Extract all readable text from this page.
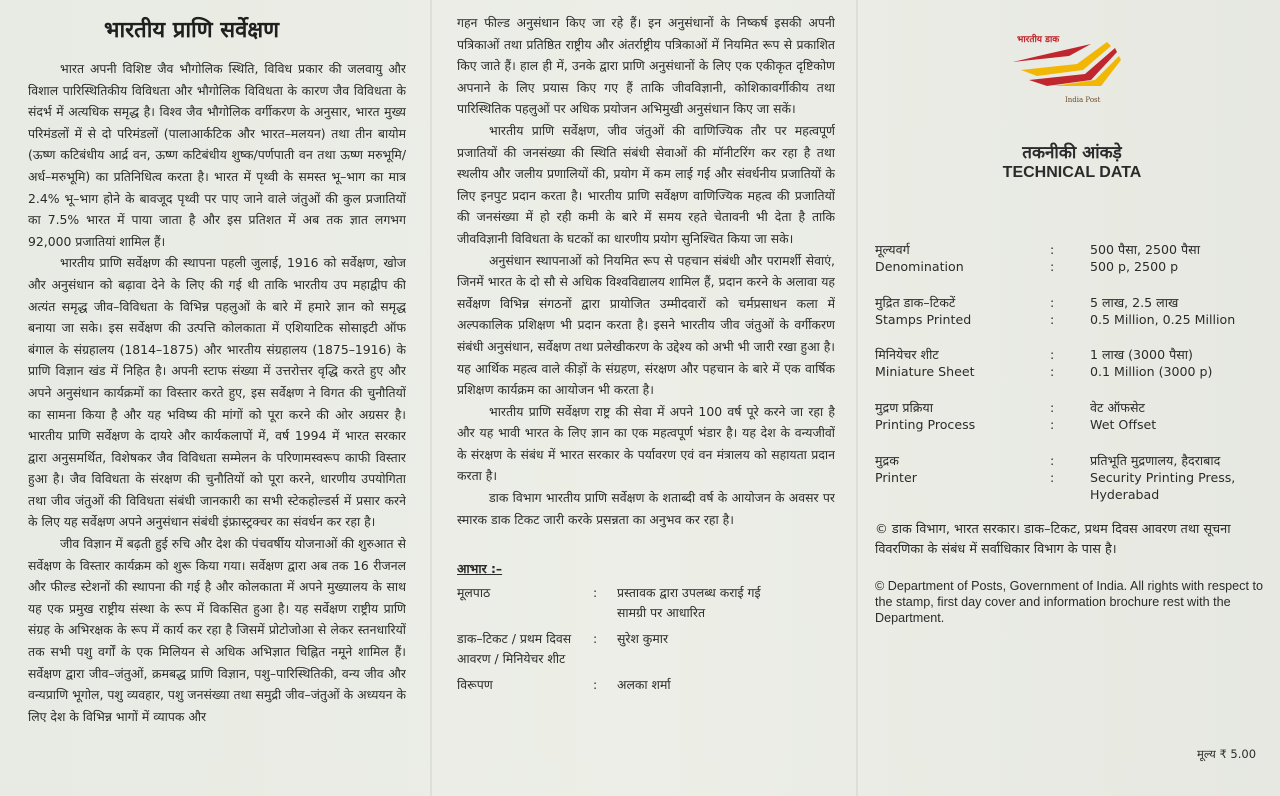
भारतीय प्राणि सर्वेक्षण

भारत अपनी विशिष्ट जैव भौगोलिक स्थिति, विविध प्रकार की जलवायु और विशाल पारिस्थितिकीय विविधता और भौगोलिक विविधता के कारण जैव विविधता के संदर्भ में अत्यधिक समृद्ध है। विश्व जैव भौगोलिक वर्गीकरण के अनुसार, भारत मुख्य परिमंडलों में से दो परिमंडलों (पालाआर्कटिक और भारत–मलयन) तथा तीन बायोम (ऊष्ण कटिबंधीय आर्द्र वन, ऊष्ण कटिबंधीय शुष्क/पर्णपाती वन तथा ऊष्ण मरुभूमि/अर्ध–मरुभूमि) का प्रतिनिधित्व करता है। भारत में पृथ्वी के समस्त भू–भाग का मात्र 2.4% भू–भाग होने के बावजूद पृथ्वी पर पाए जाने वाले जंतुओं की कुल प्रजातियों का 7.5% भारत में पाया जाता है और इस प्रतिशत में अब तक ज्ञात लगभग 92,000 प्रजातियां शामिल हैं।

भारतीय प्राणि सर्वेक्षण की स्थापना पहली जुलाई, 1916 को सर्वेक्षण, खोज और अनुसंधान को बढ़ावा देने के लिए की गई थी ताकि भारतीय उप महाद्वीप की अत्यंत समृद्ध जीव–विविधता के विभिन्न पहलुओं के बारे में हमारे ज्ञान को समृद्ध बनाया जा सके। इस सर्वेक्षण की उत्पत्ति कोलकाता में एशियाटिक सोसाइटी ऑफ बंगाल के संग्रहालय (1814–1875) और भारतीय संग्रहालय (1875–1916) के प्राणि विज्ञान खंड में निहित है। अपनी स्टाफ संख्या में उत्तरोत्तर वृद्धि करते हुए और अपने अनुसंधान कार्यक्रमों का विस्तार करते हुए, इस सर्वेक्षण ने विगत की चुनौतियों का सामना किया है और यह भविष्य की मांगों को पूरा करने की ओर अग्रसर है। भारतीय प्राणि सर्वेक्षण के दायरे और कार्यकलापों में, वर्ष 1994 में भारत सरकार द्वारा अनुसमर्थित, विशेषकर जैव विविधता सम्मेलन के परिणामस्वरूप काफी विस्तार हुआ है। जैव विविधता के संरक्षण की चुनौतियों को पूरा करने, धारणीय उपयोगिता तथा जीव जंतुओं की विविधता संबंधी जानकारी का सभी स्टेकहोल्डर्स में प्रसार करने के लिए यह सर्वेक्षण अपने अनुसंधान संबंधी इंफ्रास्ट्रक्चर का संवर्धन कर रहा है।

जीव विज्ञान में बढ़ती हुई रुचि और देश की पंचवर्षीय योजनाओं की शुरुआत से सर्वेक्षण के विस्तार कार्यक्रम को शुरू किया गया। सर्वेक्षण द्वारा अब तक 16 रीजनल और फील्ड स्टेशनों की स्थापना की गई है और कोलकाता में अपने मुख्यालय के साथ यह एक प्रमुख राष्ट्रीय संस्था के रूप में विकसित हुआ है। यह सर्वेक्षण राष्ट्रीय प्राणि संग्रह के अभिरक्षक के रूप में कार्य कर रहा है जिसमें प्रोटोजोआ से लेकर स्तनधारियों तक सभी पशु वर्गों के एक मिलियन से अधिक अभिज्ञात चिह्नित नमूने शामिल हैं। सर्वेक्षण द्वारा जीव–जंतुओं, क्रमबद्ध प्राणि विज्ञान, पशु–पारिस्थितिकी, वन्य जीव और वन्यप्राणि भूगोल, पशु व्यवहार, पशु जनसंख्या तथा समुद्री जीव–जंतुओं के अध्ययन के लिए देश के विभिन्न भागों में व्यापक और

गहन फील्ड अनुसंधान किए जा रहे हैं। इन अनुसंधानों के निष्कर्ष इसकी अपनी पत्रिकाओं तथा प्रतिष्ठित राष्ट्रीय और अंतर्राष्ट्रीय पत्रिकाओं में नियमित रूप से प्रकाशित किए जाते हैं। हाल ही में, उनके द्वारा प्राणि अनुसंधानों के लिए एक एकीकृत दृष्टिकोण अपनाने के लिए प्रयास किए गए हैं ताकि जीवविज्ञानी, कोशिकावर्गीकीय तथा पारिस्थितिक पहलुओं पर अधिक प्रयोजन अभिमुखी अनुसंधान किए जा सकें।

भारतीय प्राणि सर्वेक्षण, जीव जंतुओं की वाणिज्यिक तौर पर महत्वपूर्ण प्रजातियों की जनसंख्या की स्थिति संबंधी सेवाओं की मॉनीटरिंग कर रहा है तथा स्थलीय और जलीय प्रणालियों की, प्रयोग में कम लाई गई और संवर्धनीय प्रजातियों के लिए इनपुट प्रदान करता है। भारतीय प्राणि सर्वेक्षण वाणिज्यिक महत्व की प्रजातियों की जनसंख्या में हो रही कमी के बारे में समय रहते चेतावनी भी देता है ताकि जीवविज्ञानी विविधता के घटकों का धारणीय प्रयोग सुनिश्चित किया जा सके।

अनुसंधान स्थापनाओं को नियमित रूप से पहचान संबंधी और परामर्शी सेवाएं, जिनमें भारत के दो सौ से अधिक विश्वविद्यालय शामिल हैं, प्रदान करने के अलावा यह सर्वेक्षण विभिन्न संगठनों द्वारा प्रायोजित उम्मीदवारों को चर्मप्रसाधन कला में अल्पकालिक प्रशिक्षण भी प्रदान करता है। इसने भारतीय जीव जंतुओं के वर्गीकरण संबंधी अनुसंधान, सर्वेक्षण तथा प्रलेखीकरण के उद्देश्य को अभी भी जारी रखा हुआ है। यह आर्थिक महत्व वाले कीड़ों के संग्रहण, संरक्षण और पहचान के बारे में एक वार्षिक प्रशिक्षण कार्यक्रम का आयोजन भी करता है।

भारतीय प्राणि सर्वेक्षण राष्ट्र की सेवा में अपने 100 वर्ष पूरे करने जा रहा है और यह भावी भारत के लिए ज्ञान का एक महत्वपूर्ण भंडार है। यह देश के वन्यजीवों के संरक्षण के संबंध में भारत सरकार के पर्यावरण एवं वन मंत्रालय को सहायता प्रदान करता है।

डाक विभाग भारतीय प्राणि सर्वेक्षण के शताब्दी वर्ष के आयोजन के अवसर पर स्मारक डाक टिकट जारी करके प्रसन्नता का अनुभव कर रहा है।

आभार :–
मूलपाठ	:	प्रस्तावक द्वारा उपलब्ध कराई गई सामग्री पर आधारित
डाक–टिकट / प्रथम दिवस आवरण / मिनियेचर शीट
:	सुरेश कुमार
विरूपण	:	अलका शर्मा
भारतीय डाक
India Post
तकनीकी आंकड़े
TECHNICAL DATA
मूल्यवर्ग	:	500 पैसा, 2500 पैसा
Denomination	:	500 p, 2500 p
मुद्रित डाक–टिकटें	:	5 लाख, 2.5 लाख
Stamps Printed	:	0.5 Million, 0.25 Million
मिनियेचर शीट	:	1 लाख (3000 पैसा)
Miniature Sheet	:	0.1 Million (3000 p)
मुद्रण प्रक्रिया	:	वेट ऑफसेट
Printing Process	:	Wet Offset
मुद्रक	:	प्रतिभूति मुद्रणालय, हैदराबाद
Printer	:	Security Printing Press, Hyderabad
© डाक विभाग, भारत सरकार। डाक–टिकट, प्रथम दिवस आवरण तथा सूचना विवरणिका के संबंध में सर्वाधिकार विभाग के पास है।
© Department of Posts, Government of India. All rights with respect to the stamp, first day cover and information brochure rest with the Department.
मूल्य ₹ 5.00
